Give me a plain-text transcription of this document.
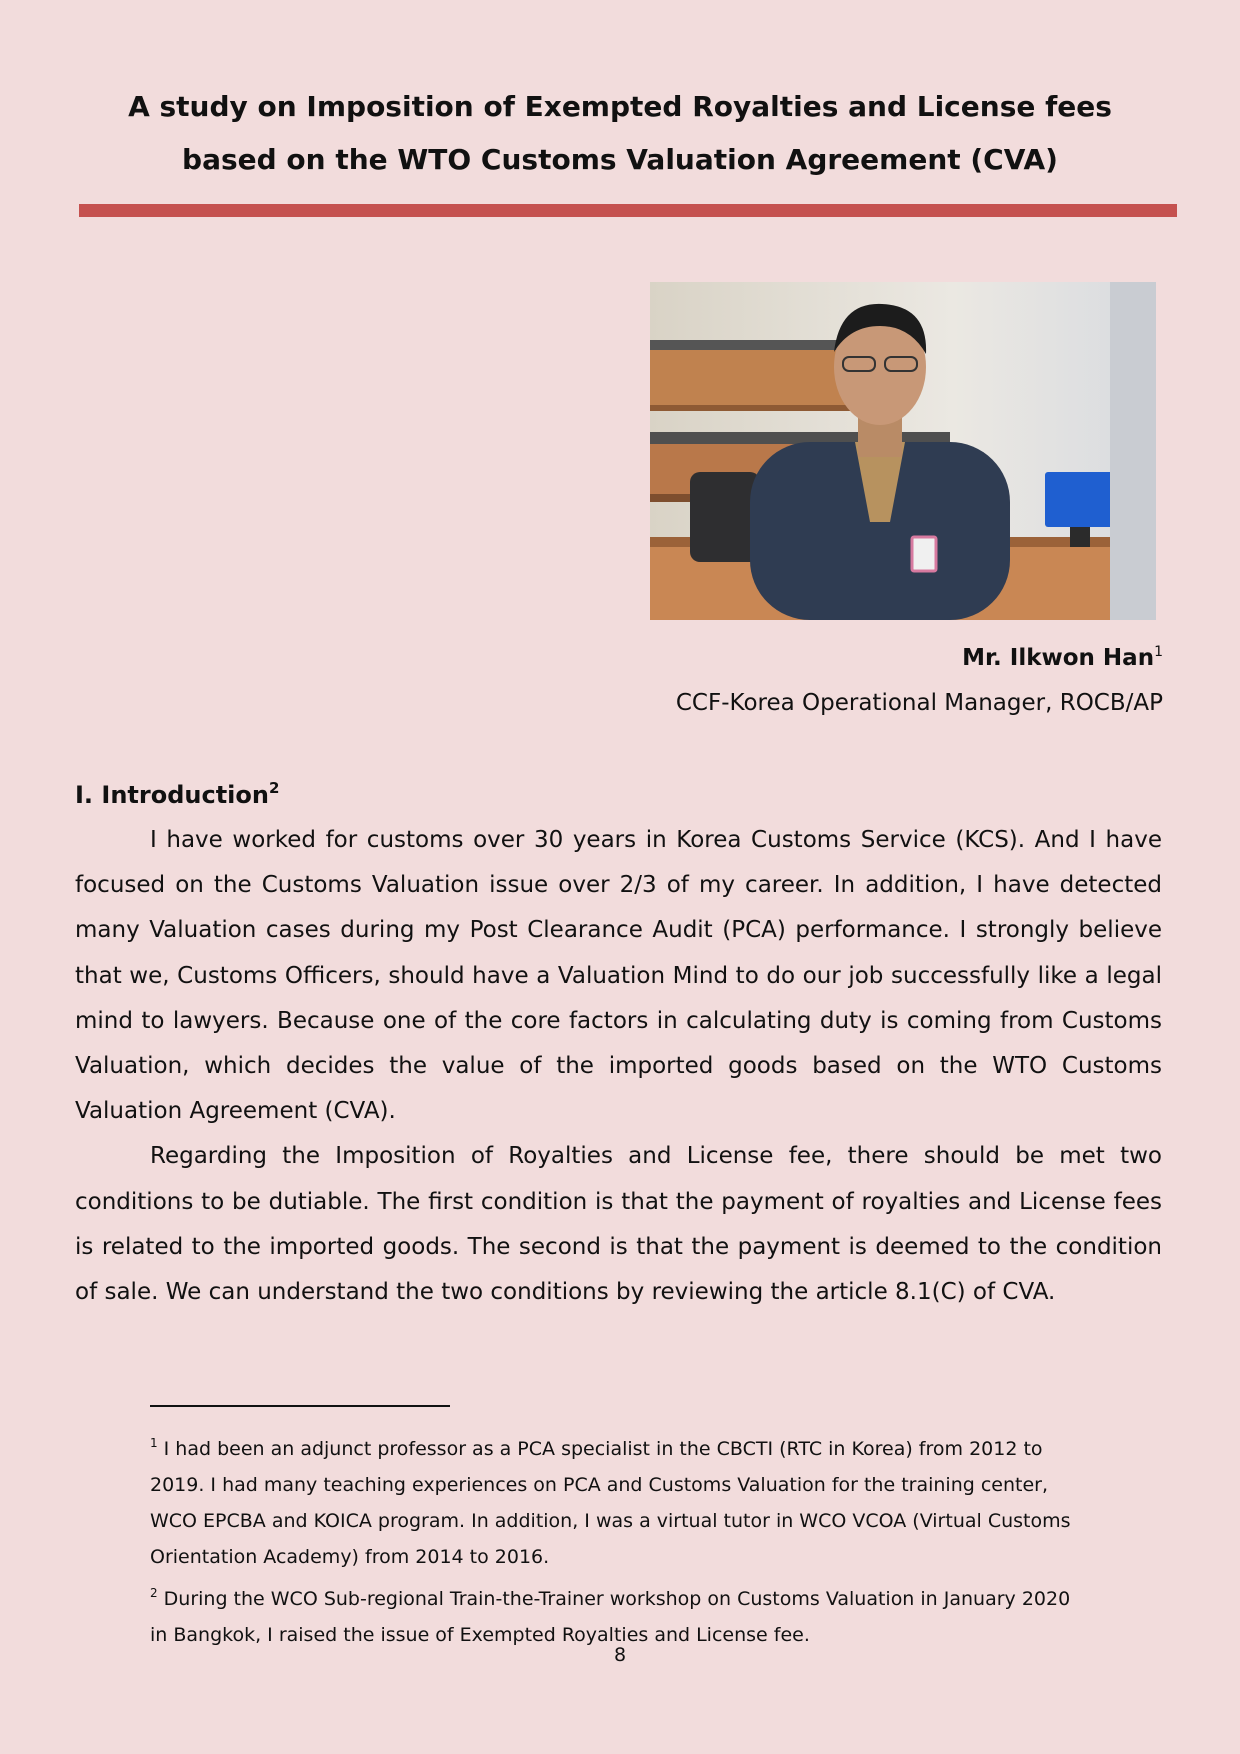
A study on Imposition of Exempted Royalties and License fees
based on the WTO Customs Valuation Agreement (CVA)
Mr. Ilkwon Han$^1$
CCF-Korea Operational Manager, ROCB/AP
I. Introduction$^2$

I have worked for customs over 30 years in Korea Customs Service (KCS). And I have focused on the Customs Valuation issue over 2/3 of my career. In addition, I have detected many Valuation cases during my Post Clearance Audit (PCA) performance. I strongly believe that we, Customs Officers, should have a Valuation Mind to do our job successfully like a legal mind to lawyers. Because one of the core factors in calculating duty is coming from Customs Valuation, which decides the value of the imported goods based on the WTO Customs Valuation Agreement (CVA).

Regarding the Imposition of Royalties and License fee, there should be met two conditions to be dutiable. The first condition is that the payment of royalties and License fees is related to the imported goods. The second is that the payment is deemed to the condition of sale. We can understand the two conditions by reviewing the article 8.1(C) of CVA.

$^1$ I had been an adjunct professor as a PCA specialist in the CBCTI (RTC in Korea) from 2012 to 2019. I had many teaching experiences on PCA and Customs Valuation for the training center, WCO EPCBA and KOICA program. In addition, I was a virtual tutor in WCO VCOA (Virtual Customs Orientation Academy) from 2014 to 2016.

$^2$ During the WCO Sub-regional Train-the-Trainer workshop on Customs Valuation in January 2020 in Bangkok, I raised the issue of Exempted Royalties and License fee.

8
